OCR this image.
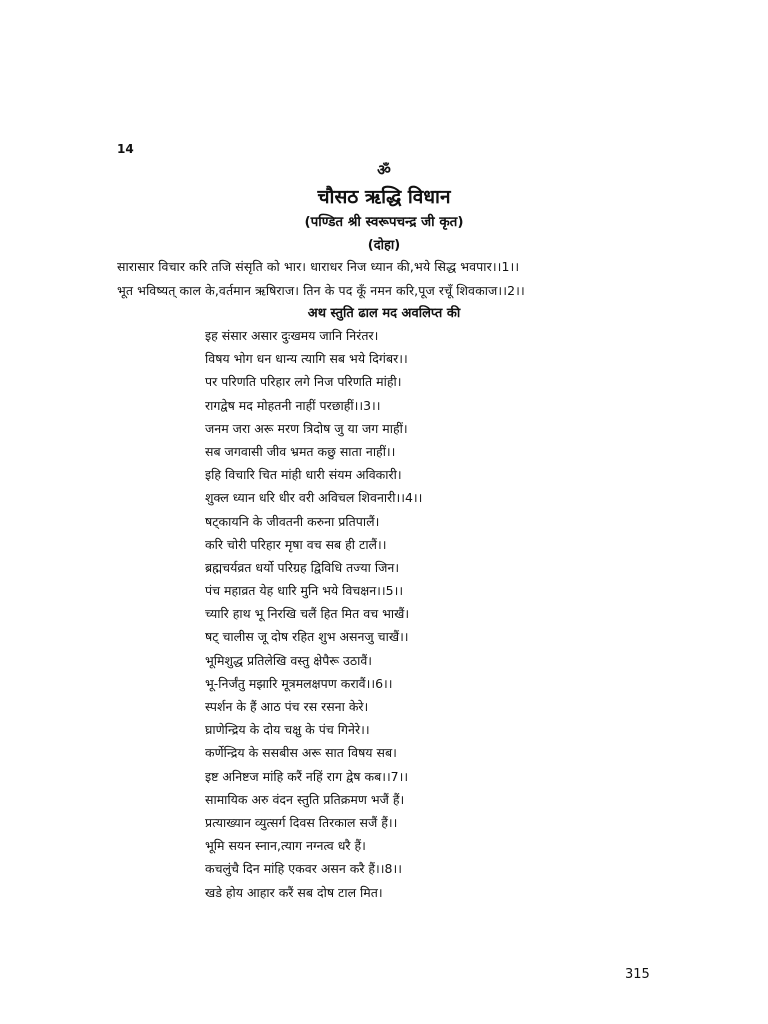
14
ॐ
चौसठ ऋद्धि विधान
(पण्डित श्री स्वरूपचन्द्र जी कृत)
(दोहा)
सारासार विचार करि तजि संसृति को भार। धाराधर निज ध्यान की,भये सिद्ध भवपार।।1।।
भूत भविष्यत् काल के,वर्तमान ऋषिराज। तिन के पद कूँ नमन करि,पूज रचूँ शिवकाज।।2।।
अथ स्तुति ढाल मद अवलिप्त की
इह संसार असार दुःखमय जानि निरंतर।
विषय भोग धन धान्य त्यागि सब भये दिगंबर।।
पर परिणति परिहार लगे निज परिणति मांही।
रागद्वेष मद मोहतनी नाहीं परछाहीं।।3।।
जनम जरा अरू मरण त्रिदोष जु या जग माहीं।
सब जगवासी जीव भ्रमत कछु साता नाहीं।।
इहि विचारि चित मांही धारी संयम अविकारी।
शुक्ल ध्यान धरि धीर वरी अविचल शिवनारी।।4।।
षट्कायनि के जीवतनी करुना प्रतिपालैं।
करि चोरी परिहार मृषा वच सब ही टालैं।।
ब्रह्मचर्यव्रत धर्यो परिग्रह द्विविधि तज्या जिन।
पंच महाव्रत येह धारि मुनि भये विचक्षन।।5।।
च्यारि हाथ भू निरखि चलैं हित मित वच भाखैं।
षट् चालीस जू दोष रहित शुभ असनजु चाखैं।।
भूमिशुद्ध प्रतिलेखि वस्तु क्षेपैरू उठावैं।
भू-निर्जंतु मझारि मूत्रमलक्षपण करावैं।।6।।
स्पर्शन के हैं आठ पंच रस रसना केरे।
घ्राणेन्द्रिय के दोय चक्षु के पंच गिनेरे।।
कर्णेन्द्रिय के ससबीस अरू सात विषय सब।
इष्ट अनिष्टज मांहि करैं नहिं राग द्वेष कब।।7।।
सामायिक अरु वंदन स्तुति प्रतिक्रमण भजैं हैं।
प्रत्याख्यान व्युत्सर्ग दिवस तिरकाल सजैं हैं।।
भूमि सयन स्नान,त्याग नग्नत्व धरै हैं।
कचलुंचै दिन मांहि एकवर असन करै हैं।।8।।
खडे होय आहार करैं सब दोष टाल मित।
315
